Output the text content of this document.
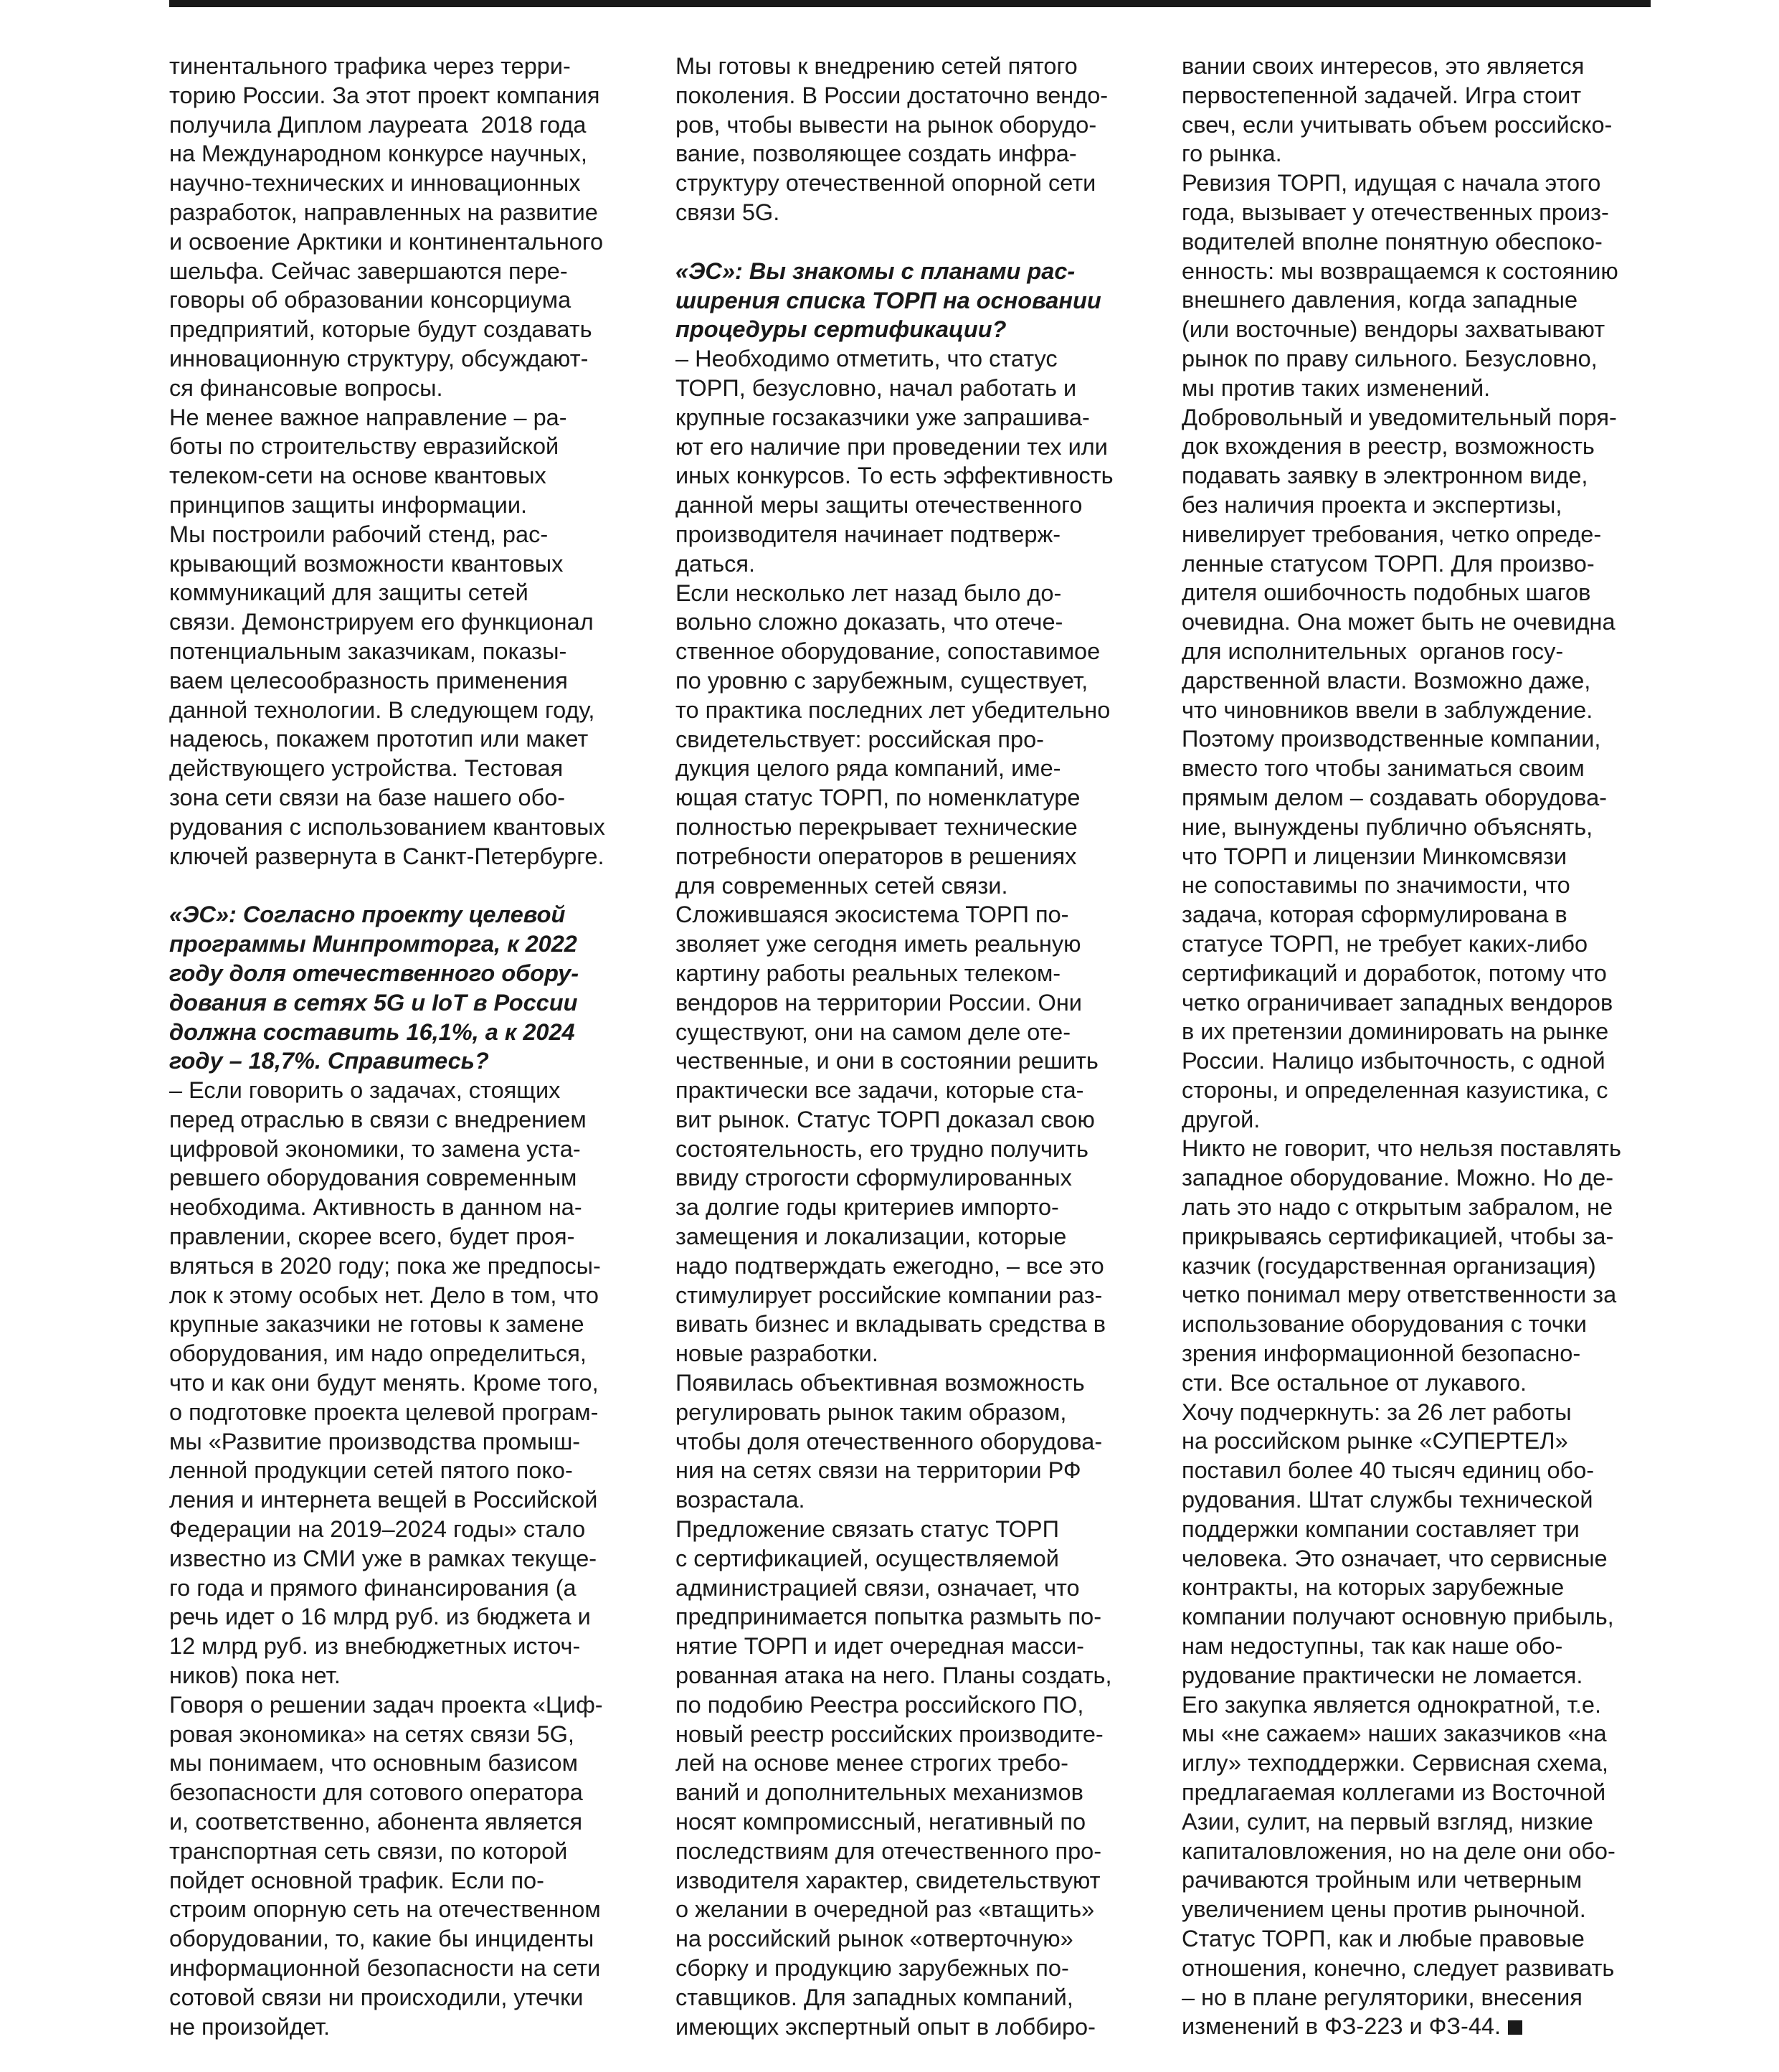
тинентального трафика через терри-

торию России. За этот проект компания

получила Диплом лауреата  2018 года

на Международном конкурсе научных,

научно-технических и инновационных

разработок, направленных на развитие

и освоение Арктики и континентального

шельфа. Сейчас завершаются пере-

говоры об образовании консорциума

предприятий, которые будут создавать

инновационную структуру, обсуждают-

ся финансовые вопросы.

Не менее важное направление – ра-

боты по строительству евразийской

телеком-сети на основе квантовых

принципов защиты информации.

Мы построили рабочий стенд, рас-

крывающий возможности квантовых

коммуникаций для защиты сетей

связи. Демонстрируем его функционал

потенциальным заказчикам, показы-

ваем целесообразность применения

данной технологии. В следующем году,

надеюсь, покажем прототип или макет

действующего устройства. Тестовая

зона сети связи на базе нашего обо-

рудования с использованием квантовых

ключей развернута в Санкт-Петербурге.

«ЭС»: Согласно проекту целевой

программы Минпромторга, к 2022

году доля отечественного обору-

дования в сетях 5G и IoT в России

должна составить 16,1%, а к 2024

году – 18,7%. Справитесь?

– Если говорить о задачах, стоящих

перед отраслью в связи с внедрением

цифровой экономики, то замена уста-

ревшего оборудования современным

необходима. Активность в данном на-

правлении, скорее всего, будет проя-

вляться в 2020 году; пока же предпосы-

лок к этому особых нет. Дело в том, что

крупные заказчики не готовы к замене

оборудования, им надо определиться,

что и как они будут менять. Кроме того,

о подготовке проекта целевой програм-

мы «Развитие производства промыш-

ленной продукции сетей пятого поко-

ления и интернета вещей в Российской

Федерации на 2019–2024 годы» стало

известно из СМИ уже в рамках текуще-

го года и прямого финансирования (а

речь идет о 16 млрд руб. из бюджета и

12 млрд руб. из внебюджетных источ-

ников) пока нет.

Говоря о решении задач проекта «Циф-

ровая экономика» на сетях связи 5G,

мы понимаем, что основным базисом

безопасности для сотового оператора

и, соответственно, абонента является

транспортная сеть связи, по которой

пойдет основной трафик. Если по-

строим опорную сеть на отечественном

оборудовании, то, какие бы инциденты

информационной безопасности на сети

сотовой связи ни происходили, утечки

не произойдет.

Мы готовы к внедрению сетей пятого

поколения. В России достаточно вендо-

ров, чтобы вывести на рынок оборудо-

вание, позволяющее создать инфра-

структуру отечественной опорной сети

связи 5G.

«ЭС»: Вы знакомы с планами рас-

ширения списка ТОРП на основании

процедуры сертификации?

– Необходимо отметить, что статус

ТОРП, безусловно, начал работать и

крупные госзаказчики уже запрашива-

ют его наличие при проведении тех или

иных конкурсов. То есть эффективность

данной меры защиты отечественного

производителя начинает подтверж-

даться.

Если несколько лет назад было до-

вольно сложно доказать, что отече-

ственное оборудование, сопоставимое

по уровню с зарубежным, существует,

то практика последних лет убедительно

свидетельствует: российская про-

дукция целого ряда компаний, име-

ющая статус ТОРП, по номенклатуре

полностью перекрывает технические

потребности операторов в решениях

для современных сетей связи.

Сложившаяся экосистема ТОРП по-

зволяет уже сегодня иметь реальную

картину работы реальных телеком-

вендоров на территории России. Они

существуют, они на самом деле оте-

чественные, и они в состоянии решить

практически все задачи, которые ста-

вит рынок. Статус ТОРП доказал свою

состоятельность, его трудно получить

ввиду строгости сформулированных

за долгие годы критериев импорто-

замещения и локализации, которые

надо подтверждать ежегодно, – все это

стимулирует российские компании раз-

вивать бизнес и вкладывать средства в

новые разработки.

Появилась объективная возможность

регулировать рынок таким образом,

чтобы доля отечественного оборудова-

ния на сетях связи на территории РФ

возрастала.

Предложение связать статус ТОРП

с сертификацией, осуществляемой

администрацией связи, означает, что

предпринимается попытка размыть по-

нятие ТОРП и идет очередная масси-

рованная атака на него. Планы создать,

по подобию Реестра российского ПО,

новый реестр российских производите-

лей на основе менее строгих требо-

ваний и дополнительных механизмов

носят компромиссный, негативный по

последствиям для отечественного про-

изводителя характер, свидетельствуют

о желании в очередной раз «втащить»

на российский рынок «отверточную»

сборку и продукцию зарубежных по-

ставщиков. Для западных компаний,

имеющих экспертный опыт в лоббиро-

вании своих интересов, это является

первостепенной задачей. Игра стоит

свеч, если учитывать объем российско-

го рынка.

Ревизия ТОРП, идущая с начала этого

года, вызывает у отечественных произ-

водителей вполне понятную обеспоко-

енность: мы возвращаемся к состоянию

внешнего давления, когда западные

(или восточные) вендоры захватывают

рынок по праву сильного. Безусловно,

мы против таких изменений.

Добровольный и уведомительный поря-

док вхождения в реестр, возможность

подавать заявку в электронном виде,

без наличия проекта и экспертизы,

нивелирует требования, четко опреде-

ленные статусом ТОРП. Для произво-

дителя ошибочность подобных шагов

очевидна. Она может быть не очевидна

для исполнительных  органов госу-

дарственной власти. Возможно даже,

что чиновников ввели в заблуждение.

Поэтому производственные компании,

вместо того чтобы заниматься своим

прямым делом – создавать оборудова-

ние, вынуждены публично объяснять,

что ТОРП и лицензии Минкомсвязи

не сопоставимы по значимости, что

задача, которая сформулирована в

статусе ТОРП, не требует каких-либо

сертификаций и доработок, потому что

четко ограничивает западных вендоров

в их претензии доминировать на рынке

России. Налицо избыточность, с одной

стороны, и определенная казуистика, с

другой.

Никто не говорит, что нельзя поставлять

западное оборудование. Можно. Но де-

лать это надо с открытым забралом, не

прикрываясь сертификацией, чтобы за-

казчик (государственная организация)

четко понимал меру ответственности за

использование оборудования с точки

зрения информационной безопасно-

сти. Все остальное от лукавого.

Хочу подчеркнуть: за 26 лет работы

на российском рынке «СУПЕРТЕЛ»

поставил более 40 тысяч единиц обо-

рудования. Штат службы технической

поддержки компании составляет три

человека. Это означает, что сервисные

контракты, на которых зарубежные

компании получают основную прибыль,

нам недоступны, так как наше обо-

рудование практически не ломается.

Его закупка является однократной, т.е.

мы «не сажаем» наших заказчиков «на

иглу» техподдержки. Сервисная схема,

предлагаемая коллегами из Восточной

Азии, сулит, на первый взгляд, низкие

капиталовложения, но на деле они обо-

рачиваются тройным или четверным

увеличением цены против рыночной.

Статус ТОРП, как и любые правовые

отношения, конечно, следует развивать

– но в плане регуляторики, внесения

изменений в ФЗ-223 и ФЗ-44.
